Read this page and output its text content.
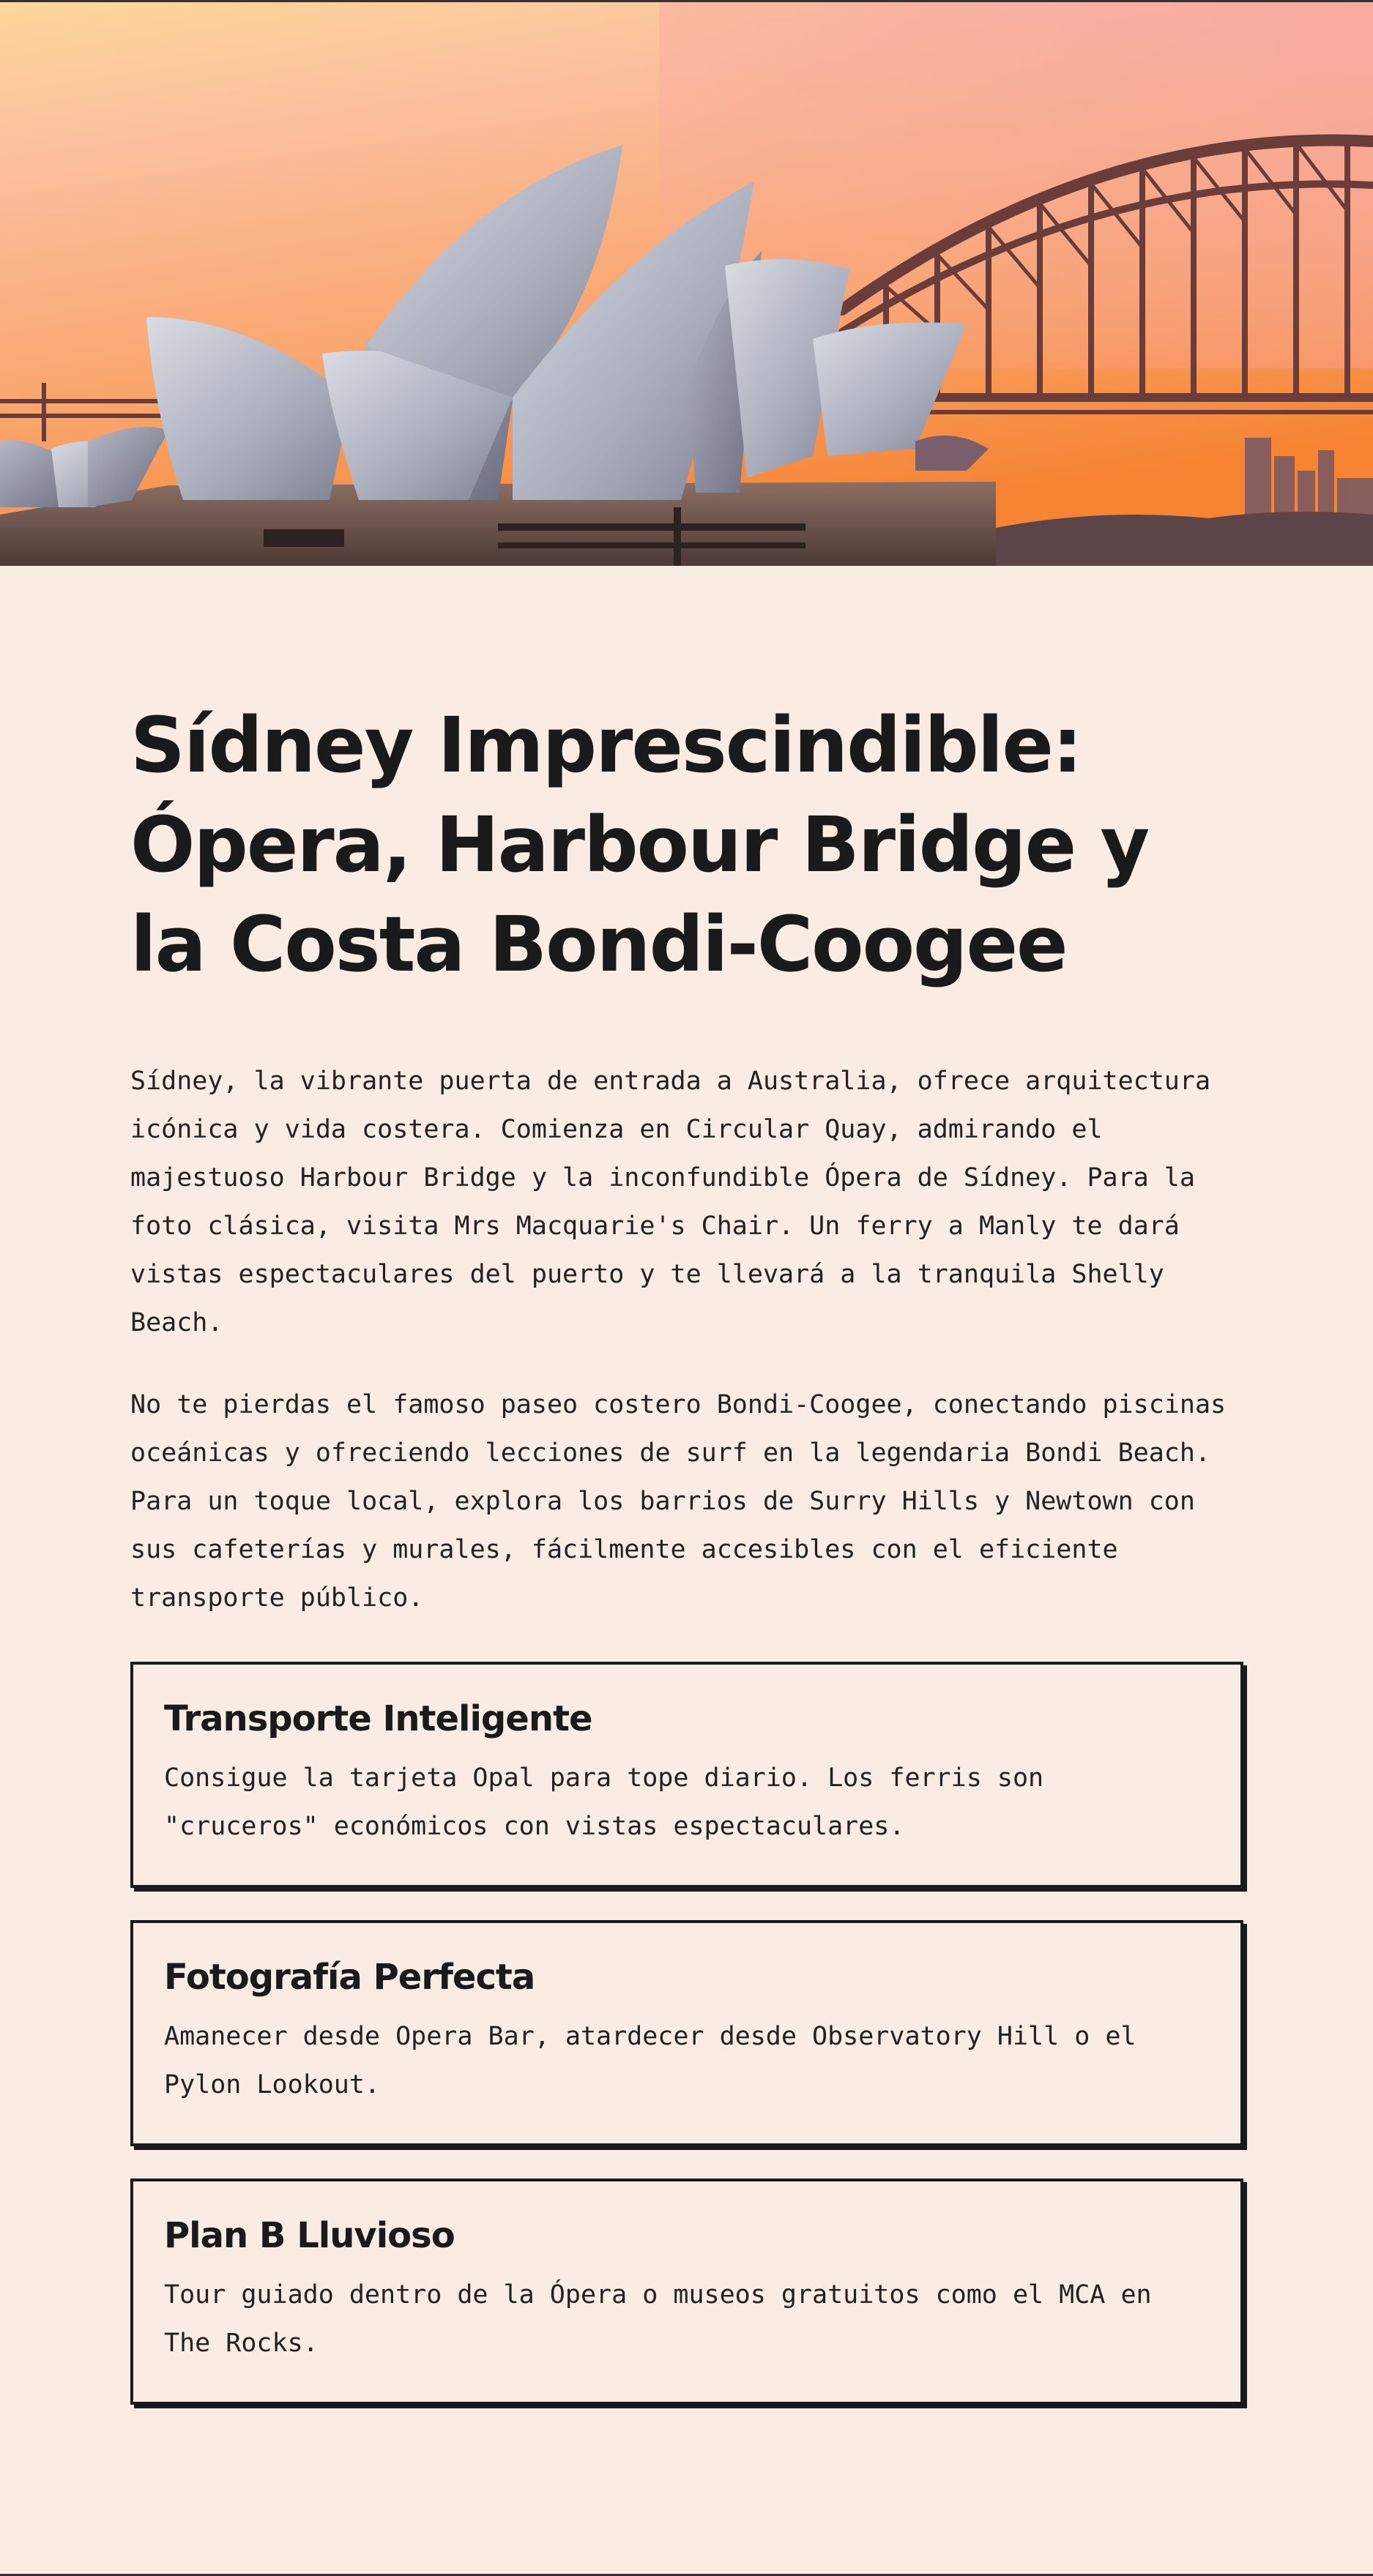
Sídney Imprescindible: Ópera, Harbour Bridge y la Costa Bondi-Coogee

Sídney, la vibrante puerta de entrada a Australia, ofrece arquitectura icónica y vida costera. Comienza en Circular Quay, admirando el majestuoso Harbour Bridge y la inconfundible Ópera de Sídney. Para la foto clásica, visita Mrs Macquarie's Chair. Un ferry a Manly te dará vistas espectaculares del puerto y te llevará a la tranquila Shelly Beach.

No te pierdas el famoso paseo costero Bondi-Coogee, conectando piscinas oceánicas y ofreciendo lecciones de surf en la legendaria Bondi Beach. Para un toque local, explora los barrios de Surry Hills y Newtown con sus cafeterías y murales, fácilmente accesibles con el eficiente transporte público.

Transporte Inteligente

Consigue la tarjeta Opal para tope diario. Los ferris son "cruceros" económicos con vistas espectaculares.

Fotografía Perfecta

Amanecer desde Opera Bar, atardecer desde Observatory Hill o el Pylon Lookout.

Plan B Lluvioso

Tour guiado dentro de la Ópera o museos gratuitos como el MCA en The Rocks.
